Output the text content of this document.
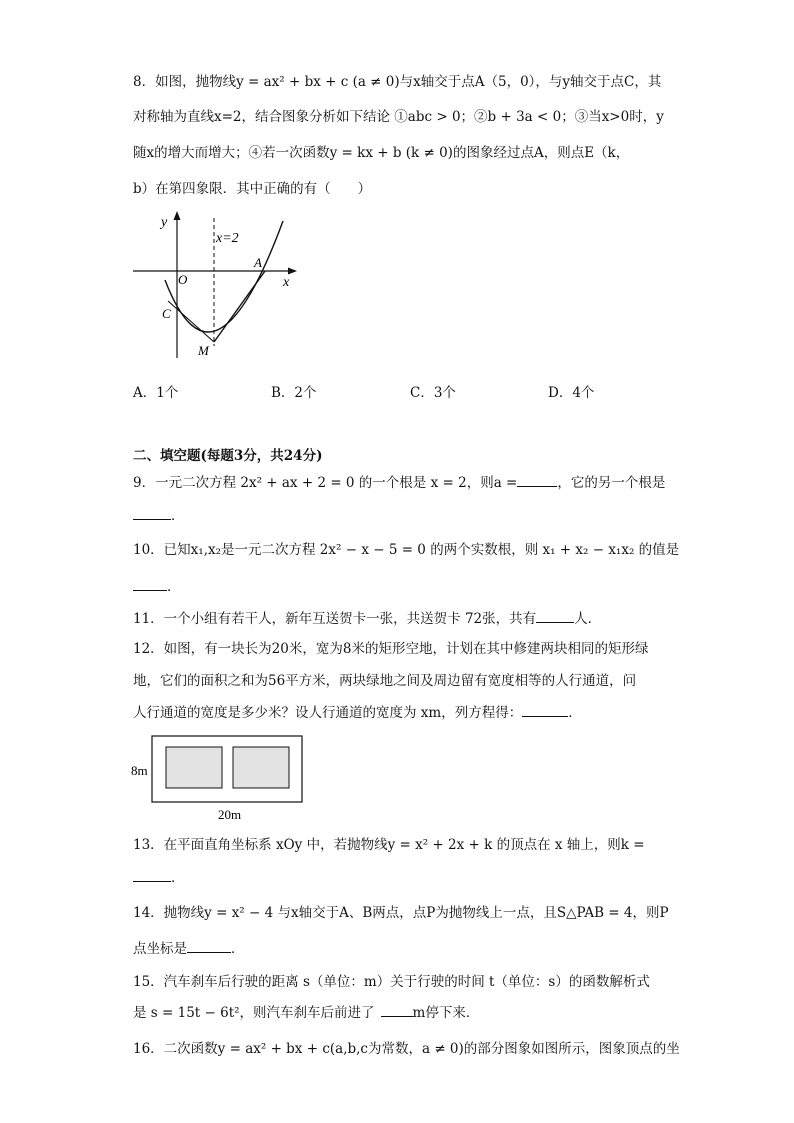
8．如图，抛物线y = ax² + bx + c (a ≠ 0)与x轴交于点A（5，0），与y轴交于点C，其
对称轴为直线x=2，结合图象分析如下结论 ①abc > 0；②b + 3a < 0；③当x>0时，y
随x的增大而增大；④若一次函数y = kx + b (k ≠ 0)的图象经过点A，则点E（k，
b）在第四象限．其中正确的有（　　）
y
x
x=2
A
O
C
M
A．1个	B．2个	C．3个	D．4个
二、填空题(每题3分，共24分)
9．一元二次方程 2x² + ax + 2 = 0 的一个根是 x = 2，则a =	，它的另一个根是
．
10．已知x₁,x₂是一元二次方程 2x² − x − 5 = 0 的两个实数根，则 x₁ + x₂ − x₁x₂ 的值是
．
11．一个小组有若干人，新年互送贺卡一张，共送贺卡 72张，共有	人．
12．如图，有一块长为20米，宽为8米的矩形空地，计划在其中修建两块相同的矩形绿
地，它们的面积之和为56平方米，两块绿地之间及周边留有宽度相等的人行通道，问
人行通道的宽度是多少米？设人行通道的宽度为 xm，列方程得：	．
8m
20m
13．在平面直角坐标系 xOy 中，若抛物线y = x² + 2x + k 的顶点在 x 轴上，则k =
．
14．抛物线y = x² − 4 与x轴交于A、B两点，点P为抛物线上一点，且S△PAB = 4，则P
点坐标是	．
15．汽车刹车后行驶的距离 s（单位：m）关于行驶的时间 t（单位：s）的函数解析式
是 s = 15t − 6t²，则汽车刹车后前进了	m停下来．
16．二次函数y = ax² + bx + c(a,b,c为常数，a ≠ 0)的部分图象如图所示，图象顶点的坐
